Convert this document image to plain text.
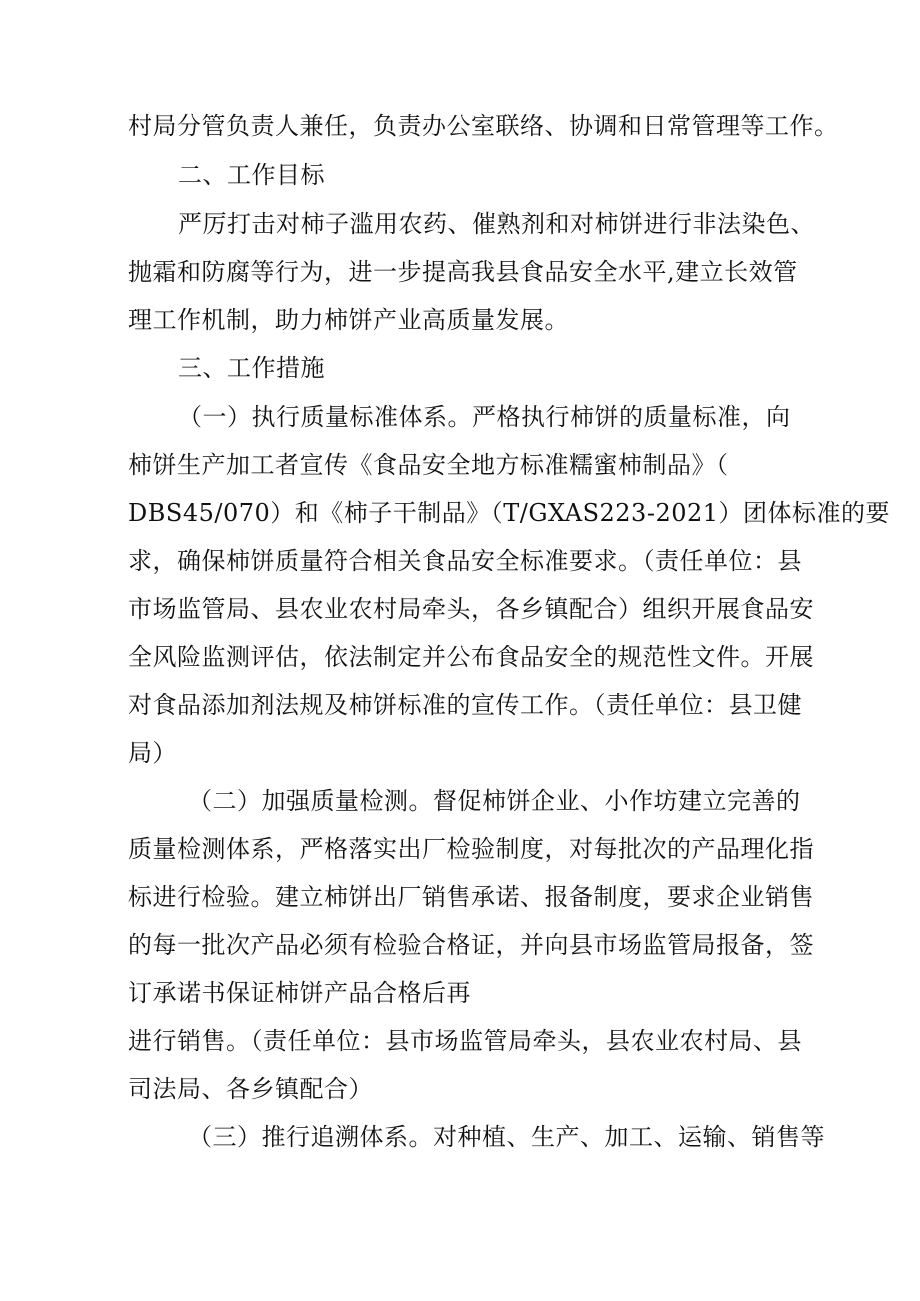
村局分管负责人兼任，负责办公室联络、协调和日常管理等工作。
二、工作目标
严厉打击对柿子滥用农药、催熟剂和对柿饼进行非法染色、
抛霜和防腐等行为，进一步提高我县食品安全水平,建立长效管
理工作机制，助力柿饼产业高质量发展。
三、工作措施
（一）执行质量标准体系。严格执行柿饼的质量标准，向
柿饼生产加工者宣传《食品安全地方标准糯蜜柿制品》（
DBS45/070）和《柿子干制品》（T/GXAS223-2021）团体标准的要
求，确保柿饼质量符合相关食品安全标准要求。（责任单位：县
市场监管局、县农业农村局牵头，各乡镇配合）组织开展食品安
全风险监测评估，依法制定并公布食品安全的规范性文件。开展
对食品添加剂法规及柿饼标准的宣传工作。（责任单位：县卫健
局）
（二）加强质量检测。督促柿饼企业、小作坊建立完善的
质量检测体系，严格落实出厂检验制度，对每批次的产品理化指
标进行检验。建立柿饼出厂销售承诺、报备制度，要求企业销售
的每一批次产品必须有检验合格证，并向县市场监管局报备，签
订承诺书保证柿饼产品合格后再
进行销售。（责任单位：县市场监管局牵头，县农业农村局、县
司法局、各乡镇配合）
（三）推行追溯体系。对种植、生产、加工、运输、销售等
